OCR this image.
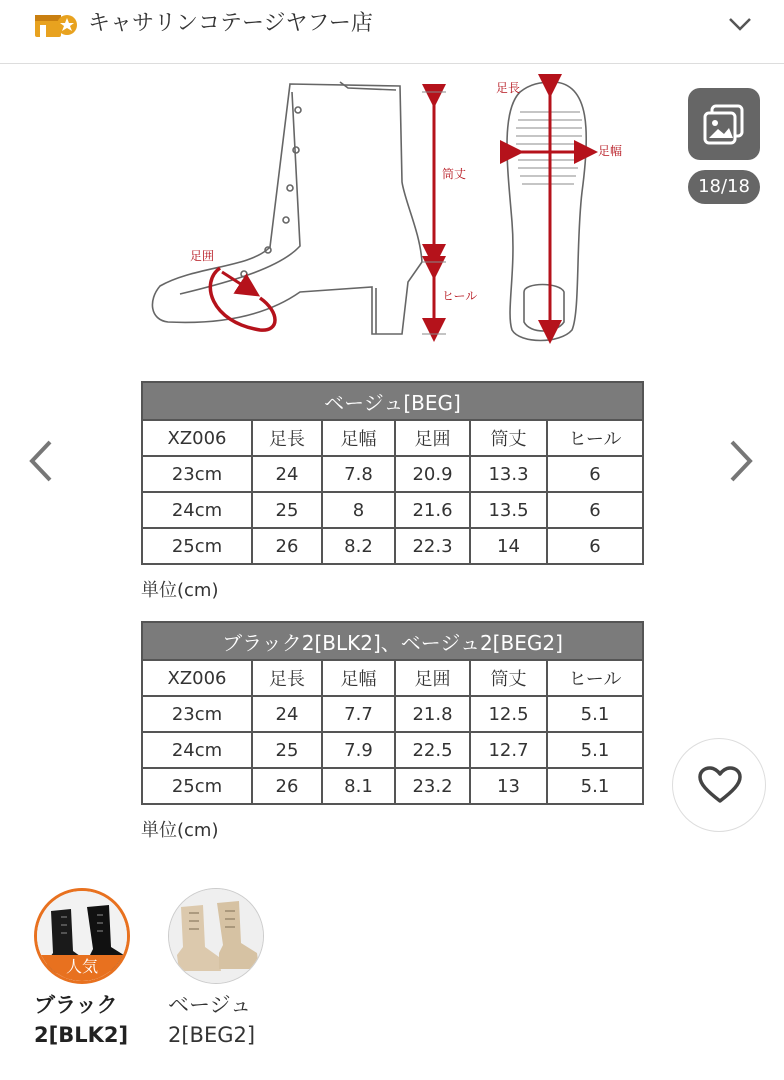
キャサリンコテージヤフー店
足囲
筒丈
ヒール
足長
足幅
18/18
ベージュ[BEG]					
XZ006	足長	足幅	足囲	筒丈	ヒール
23cm	24	7.8	20.9	13.3	6
24cm	25	8	21.6	13.5	6
25cm	26	8.2	22.3	14	6
単位(cm)
ブラック2[BLK2]、ベージュ2[BEG2]					
XZ006	足長	足幅	足囲	筒丈	ヒール
23cm	24	7.7	21.8	12.5	5.1
24cm	25	7.9	22.5	12.7	5.1
25cm	26	8.1	23.2	13	5.1
単位(cm)
人気
ブラック
2[BLK2]
ベージュ
2[BEG2]
